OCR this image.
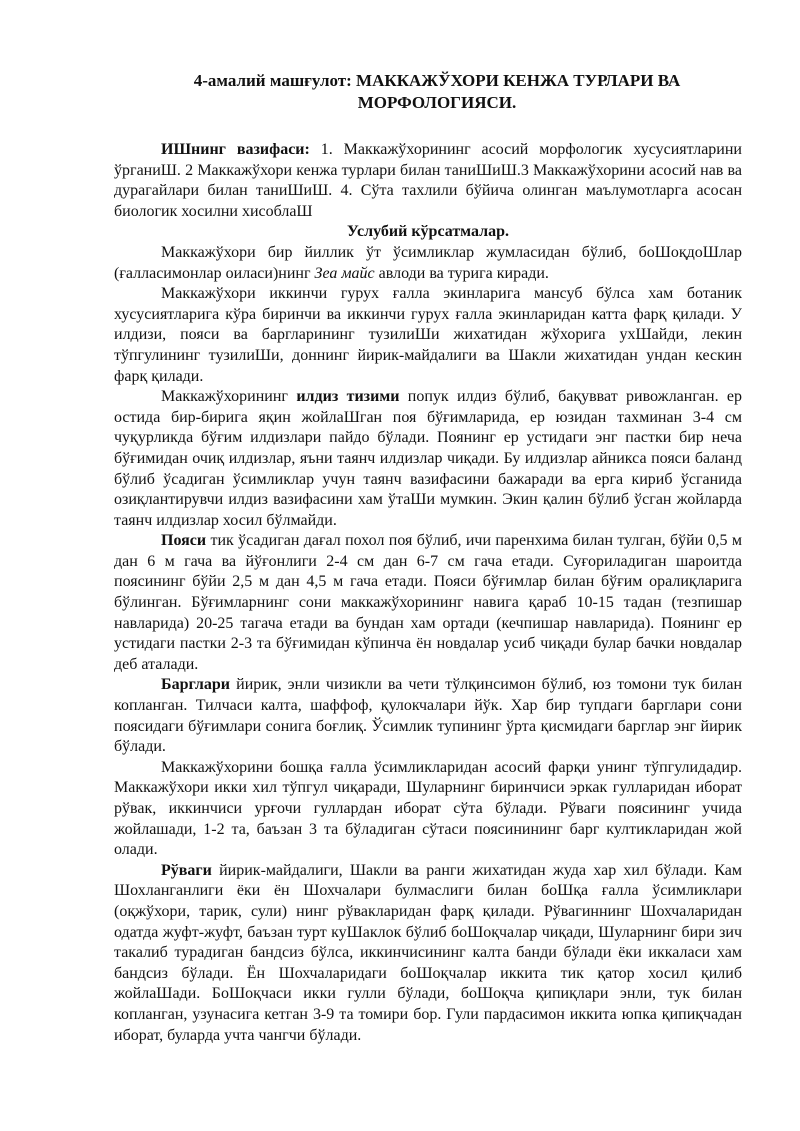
4-амалий машғулот: МАККАЖЎХОРИ КЕНЖА ТУРЛАРИ ВА
МОРФОЛОГИЯСИ.

ИШнинг вазифаси: 1. Маккажўхорининг асосий морфологик хусусиятларини ўрганиШ. 2 Маккажўхори кенжа турлари билан таниШиШ.3 Маккажўхорини асосий нав ва дурагайлари билан таниШиШ. 4. Сўта тахлили бўйича олинган маълумотларга асосан биологик хосилни хисоблаШ

Услубий кўрсатмалар.

Маккажўхори бир йиллик ўт ўсимликлар жумласидан бўлиб, боШоқдоШлар (ғалласимонлар оиласи)нинг Зеа майс авлоди ва турига киради.

Маккажўхори иккинчи гурух ғалла экинларига мансуб бўлса хам ботаник хусусиятларига кўра биринчи ва иккинчи гурух ғалла экинларидан катта фарқ қилади. У илдизи, пояси ва баргларининг тузилиШи жихатидан жўхорига ухШайди, лекин тўпгулининг тузилиШи, доннинг йирик-майдалиги ва Шакли жихатидан ундан кескин фарқ қилади.

Маккажўхорининг илдиз тизими попук илдиз бўлиб, бақувват ривожланган. ер остида бир-бирига яқин жойлаШган поя бўғимларида, ер юзидан тахминан 3-4 см чуқурликда бўғим илдизлари пайдо бўлади. Поянинг ер устидаги энг пастки бир неча бўғимидан очиқ илдизлар, яъни таянч илдизлар чиқади. Бу илдизлар айникса пояси баланд бўлиб ўсадиган ўсимликлар учун таянч вазифасини бажаради ва ерга кириб ўсганида озиқлантирувчи илдиз вазифасини хам ўтаШи мумкин. Экин қалин бўлиб ўсган жойларда таянч илдизлар хосил бўлмайди.

Пояси тик ўсадиган дағал похол поя бўлиб, ичи паренхима билан тулган, бўйи 0,5 м дан 6 м гача ва йўғонлиги 2-4 см дан 6-7 см гача етади. Суғориладиган шароитда поясининг бўйи 2,5 м дан 4,5 м гача етади. Пояси бўғимлар билан бўғим оралиқларига бўлинган. Бўғимларнинг сони маккажўхорининг навига қараб 10-15 тадан (тезпишар навларида) 20-25 тагача етади ва бундан хам ортади (кечпишар навларида). Поянинг ер устидаги пастки 2-3 та бўғимидан кўпинча ён новдалар усиб чиқади булар бачки новдалар деб аталади.

Барглари йирик, энли чизикли ва чети тўлқинсимон бўлиб, юз томони тук билан копланган. Тилчаси калта, шаффоф, қулокчалари йўк. Хар бир тупдаги барглари сони поясидаги бўғимлари сонига боғлиқ. Ўсимлик тупининг ўрта қисмидаги барглар энг йирик бўлади.

Маккажўхорини бошқа ғалла ўсимликларидан асосий фарқи унинг тўпгулидадир. Маккажўхори икки хил тўпгул чиқаради, Шуларнинг биринчиси эркак гулларидан иборат рўвак, иккинчиси урғочи гуллардан иборат сўта бўлади. Рўваги поясининг учида жойлашади, 1-2 та, баъзан 3 та бўладиган сўтаси поясинининг барг култикларидан жой олади.

Рўваги йирик-майдалиги, Шакли ва ранги жихатидан жуда хар хил бўлади. Кам Шохланганлиги ёки ён Шохчалари булмаслиги билан боШқа ғалла ўсимликлари (оқжўхори, тарик, сули) нинг рўвакларидан фарқ қилади. Рўвагиннинг Шохчаларидан одатда жуфт-жуфт, баъзан турт куШаклок бўлиб боШоқчалар чиқади, Шуларнинг бири зич такалиб турадиган бандсиз бўлса, иккинчисининг калта банди бўлади ёки иккаласи хам бандсиз бўлади. Ён Шохчаларидаги боШоқчалар иккита тик қатор хосил қилиб жойлаШади. БоШоқчаси икки гулли бўлади, боШоқча қипиқлари энли, тук билан копланган, узунасига кетган 3-9 та томири бор. Гули пардасимон иккита юпка қипиқчадан иборат, буларда учта чангчи бўлади.
